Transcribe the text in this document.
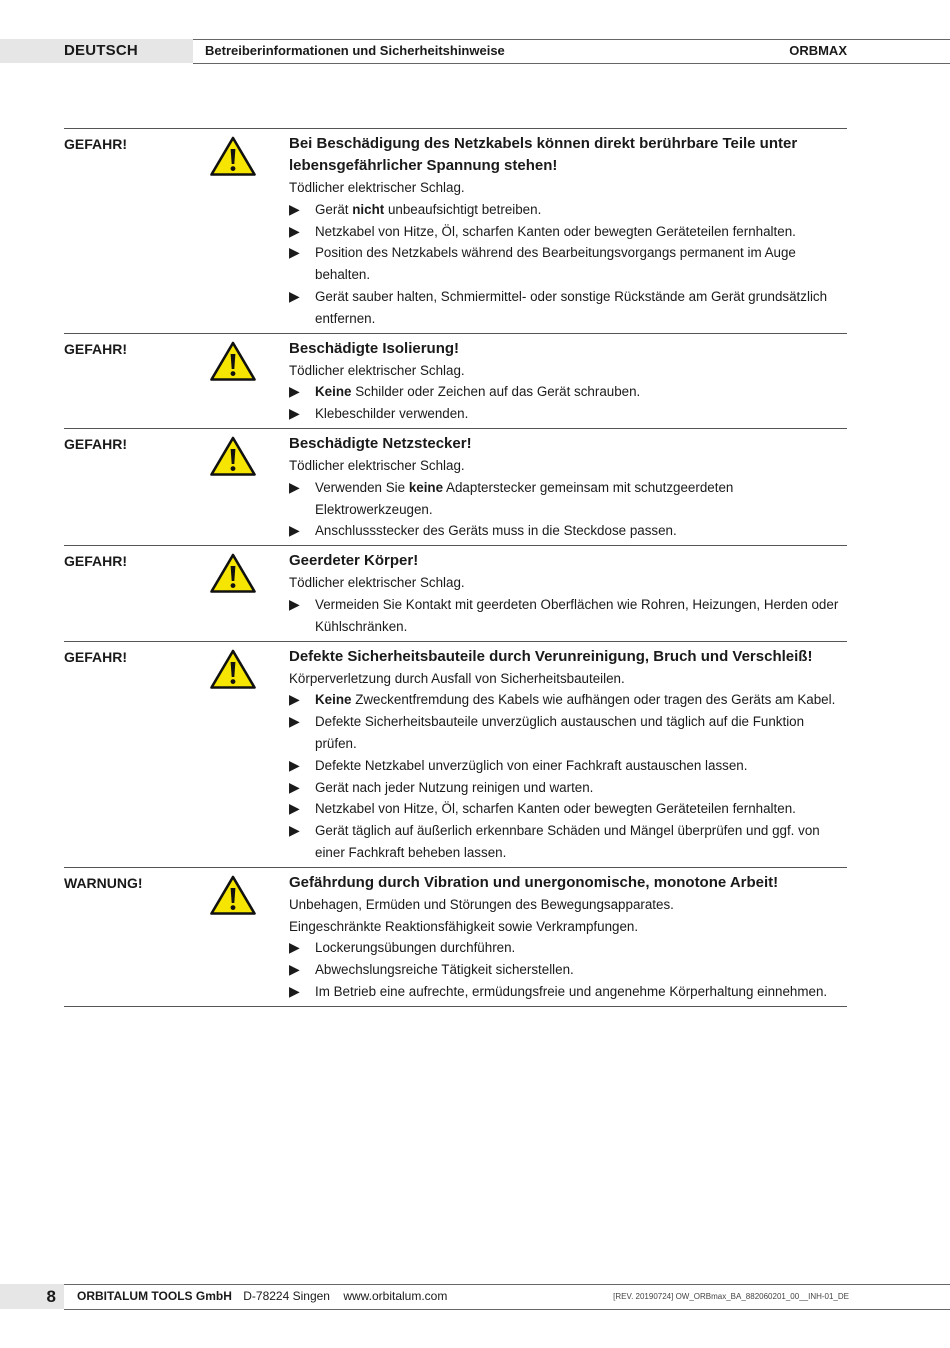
DEUTSCH	Betreiberinformationen und Sicherheitshinweise	ORBMAX
GEFAHR!	Bei Beschädigung des Netzkabels können direkt berührbare Teile unter lebensgefährlicher Spannung stehen!
Tödlicher elektrischer Schlag.
▶	Gerät nicht unbeaufsichtigt betreiben.
▶	Netzkabel von Hitze, Öl, scharfen Kanten oder bewegten Geräteteilen fernhalten.
▶	Position des Netzkabels während des Bearbeitungsvorgangs permanent im Auge behalten.
▶	Gerät sauber halten, Schmiermittel- oder sonstige Rückstände am Gerät grundsätzlich entfernen.
GEFAHR!	Beschädigte Isolierung!
Tödlicher elektrischer Schlag.
▶	Keine Schilder oder Zeichen auf das Gerät schrauben.
▶	Klebeschilder verwenden.
GEFAHR!	Beschädigte Netzstecker!
Tödlicher elektrischer Schlag.
▶	Verwenden Sie keine Adapterstecker gemeinsam mit schutzgeerdeten Elektrowerkzeugen.
▶	Anschlussstecker des Geräts muss in die Steckdose passen.
GEFAHR!	Geerdeter Körper!
Tödlicher elektrischer Schlag.
▶	Vermeiden Sie Kontakt mit geerdeten Oberflächen wie Rohren, Heizungen, Herden oder Kühlschränken.
GEFAHR!	Defekte Sicherheitsbauteile durch Verunreinigung, Bruch und Verschleiß!
Körperverletzung durch Ausfall von Sicherheitsbauteilen.
▶	Keine Zweckentfremdung des Kabels wie aufhängen oder tragen des Geräts am Kabel.
▶	Defekte Sicherheitsbauteile unverzüglich austauschen und täglich auf die Funktion prüfen.
▶	Defekte Netzkabel unverzüglich von einer Fachkraft austauschen lassen.
▶	Gerät nach jeder Nutzung reinigen und warten.
▶	Netzkabel von Hitze, Öl, scharfen Kanten oder bewegten Geräteteilen fernhalten.
▶	Gerät täglich auf äußerlich erkennbare Schäden und Mängel überprüfen und ggf. von einer Fachkraft beheben lassen.
WARNUNG!	Gefährdung durch Vibration und unergonomische, monotone Arbeit!
Unbehagen, Ermüden und Störungen des Bewegungsapparates.
Eingeschränkte Reaktionsfähigkeit sowie Verkrampfungen.
▶	Lockerungsübungen durchführen.
▶	Abwechslungsreiche Tätigkeit sicherstellen.
▶	Im Betrieb eine aufrechte, ermüdungsfreie und angenehme Körperhaltung einnehmen.
8	ORBITALUM TOOLS GmbH D-78224 Singen www.orbitalum.com	[REV. 20190724] OW_ORBmax_BA_882060201_00__INH-01_DE
